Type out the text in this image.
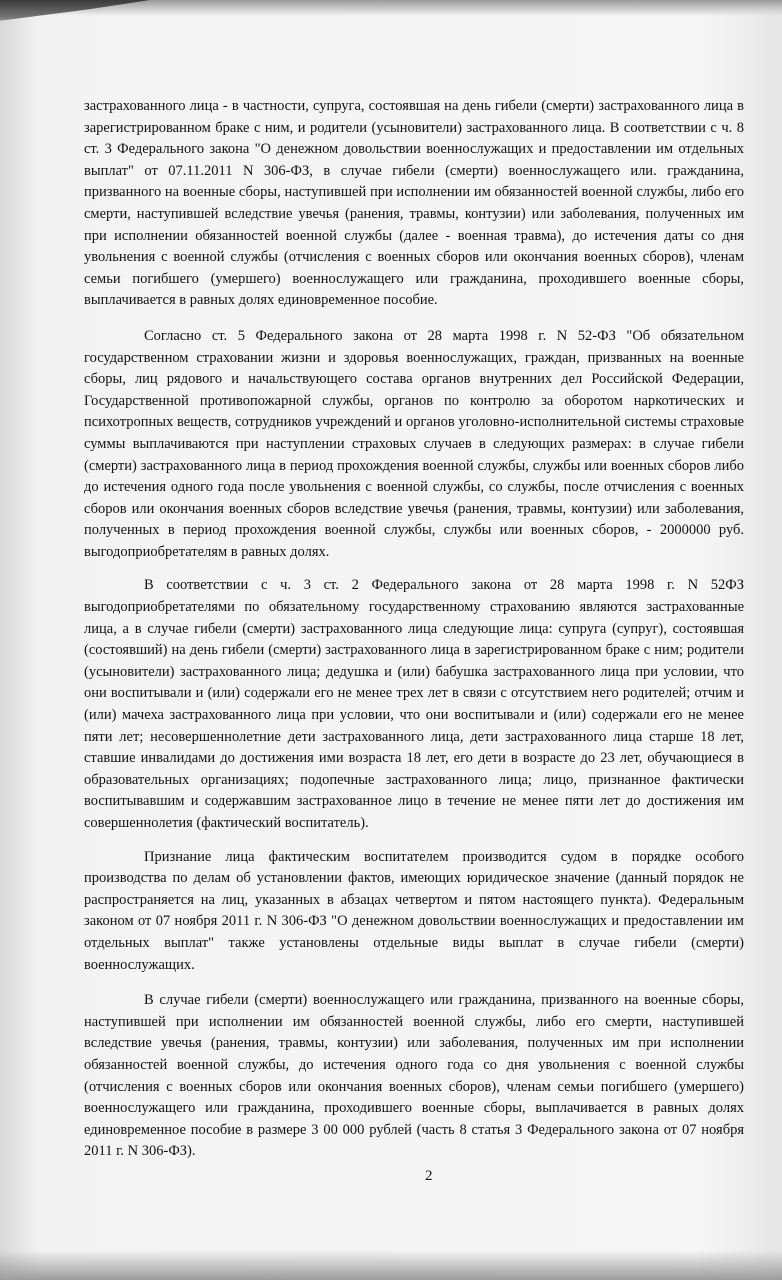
застрахованного лица - в частности, супруга, состоявшая на день гибели (смерти) застрахованного лица в зарегистрированном браке с ним, и родители (усыновители) застрахованного лица. В соответствии с ч. 8 ст. 3 Федерального закона "О денежном довольствии военнослужащих и предоставлении им отдельных выплат" от 07.11.2011 N 306-ФЗ, в случае гибели (смерти) военнослужащего или. гражданина, призванного на военные сборы, наступившей при исполнении им обязанностей военной службы, либо его смерти, наступившей вследствие увечья (ранения, травмы, контузии) или заболевания, полученных им при исполнении обязанностей военной службы (далее - военная травма), до истечения даты со дня увольнения с военной службы (отчисления с военных сборов или окончания военных сборов), членам семьи погибшего (умершего) военнослужащего или гражданина, проходившего военные сборы, выплачивается в равных долях единовременное пособие.

Согласно ст. 5 Федерального закона от 28 марта 1998 г. N 52-ФЗ "Об обязательном государственном страховании жизни и здоровья военнослужащих, граждан, призванных на военные сборы, лиц рядового и начальствующего состава органов внутренних дел Российской Федерации, Государственной противопожарной службы, органов по контролю за оборотом наркотических и психотропных веществ, сотрудников учреждений и органов уголовно-исполнительной системы страховые суммы выплачиваются при наступлении страховых случаев в следующих размерах: в случае гибели (смерти) застрахованного лица в период прохождения военной службы, службы или военных сборов либо до истечения одного года после увольнения с военной службы, со службы, после отчисления с военных сборов или окончания военных сборов вследствие увечья (ранения, травмы, контузии) или заболевания, полученных в период прохождения военной службы, службы или военных сборов, - 2000000 руб. выгодоприобретателям в равных долях.

В соответствии с ч. 3 ст. 2 Федерального закона от 28 марта 1998 г. N 52ФЗ выгодоприобретателями по обязательному государственному страхованию являются застрахованные лица, а в случае гибели (смерти) застрахованного лица следующие лица: супруга (супруг), состоявшая (состоявший) на день гибели (смерти) застрахованного лица в зарегистрированном браке с ним; родители (усыновители) застрахованного лица; дедушка и (или) бабушка застрахованного лица при условии, что они воспитывали и (или) содержали его не менее трех лет в связи с отсутствием него родителей; отчим и (или) мачеха застрахованного лица при условии, что они воспитывали и (или) содержали его не менее пяти лет; несовершеннолетние дети застрахованного лица, дети застрахованного лица старше 18 лет, ставшие инвалидами до достижения ими возраста 18 лет, его дети в возрасте до 23 лет, обучающиеся в образовательных организациях; подопечные застрахованного лица; лицо, признанное фактически воспитывавшим и содержавшим застрахованное лицо в течение не менее пяти лет до достижения им совершеннолетия (фактический воспитатель).

Признание лица фактическим воспитателем производится судом в порядке особого производства по делам об установлении фактов, имеющих юридическое значение (данный порядок не распространяется на лиц, указанных в абзацах четвертом и пятом настоящего пункта). Федеральным законом от 07 ноября 2011 г. N 306-ФЗ "О денежном довольствии военнослужащих и предоставлении им отдельных выплат" также установлены отдельные виды выплат в случае гибели (смерти) военнослужащих.

В случае гибели (смерти) военнослужащего или гражданина, призванного на военные сборы, наступившей при исполнении им обязанностей военной службы, либо его смерти, наступившей вследствие увечья (ранения, травмы, контузии) или заболевания, полученных им при исполнении обязанностей военной службы, до истечения одного года со дня увольнения с военной службы (отчисления с военных сборов или окончания военных сборов), членам семьи погибшего (умершего) военнослужащего или гражданина, проходившего военные сборы, выплачивается в равных долях единовременное пособие в размере 3 00 000 рублей (часть 8 статья 3 Федерального закона от 07 ноября 2011 г. N 306-ФЗ).

2
